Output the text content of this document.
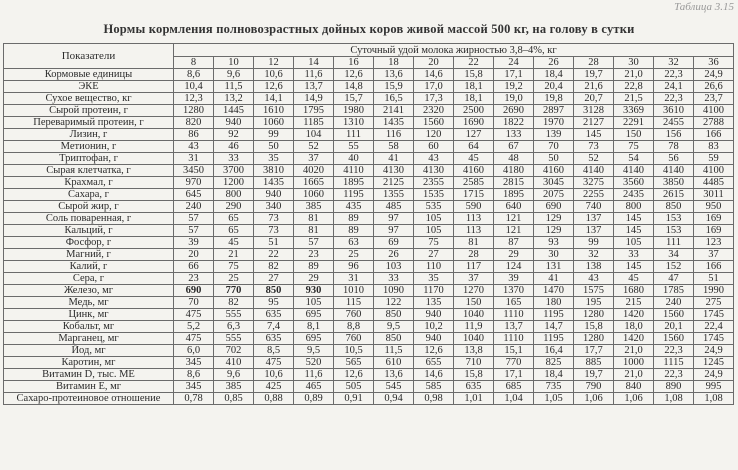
Таблица 3.15
Нормы кормления полновозрастных дойных коров живой массой 500 кг, на голову в сутки
Показатели	Суточный удой молока жирностью 3,8–4%, кг													
	8	10	12	14	16	18	20	22	24	26	28	30	32	36
Кормовые единицы	8,6	9,6	10,6	11,6	12,6	13,6	14,6	15,8	17,1	18,4	19,7	21,0	22,3	24,9
ЭКЕ	10,4	11,5	12,6	13,7	14,8	15,9	17,0	18,1	19,2	20,4	21,6	22,8	24,1	26,6
Сухое вещество, кг	12,3	13,2	14,1	14,9	15,7	16,5	17,3	18,1	19,0	19,8	20,7	21,5	22,3	23,7
Сырой протеин, г	1280	1445	1610	1795	1980	2141	2320	2500	2690	2897	3128	3369	3610	4100
Переваримый протеин, г	820	940	1060	1185	1310	1435	1560	1690	1822	1970	2127	2291	2455	2788
Лизин, г	86	92	99	104	111	116	120	127	133	139	145	150	156	166
Метионин, г	43	46	50	52	55	58	60	64	67	70	73	75	78	83
Триптофан, г	31	33	35	37	40	41	43	45	48	50	52	54	56	59
Сырая клетчатка, г	3450	3700	3810	4020	4110	4130	4130	4160	4180	4160	4140	4140	4140	4100
Крахмал, г	970	1200	1435	1665	1895	2125	2355	2585	2815	3045	3275	3560	3850	4485
Сахара, г	645	800	940	1060	1195	1355	1535	1715	1895	2075	2255	2435	2615	3011
Сырой жир, г	240	290	340	385	435	485	535	590	640	690	740	800	850	950
Соль поваренная, г	57	65	73	81	89	97	105	113	121	129	137	145	153	169
Кальций, г	57	65	73	81	89	97	105	113	121	129	137	145	153	169
Фосфор, г	39	45	51	57	63	69	75	81	87	93	99	105	111	123
Магний, г	20	21	22	23	25	26	27	28	29	30	32	33	34	37
Калий, г	66	75	82	89	96	103	110	117	124	131	138	145	152	166
Сера, г	23	25	27	29	31	33	35	37	39	41	43	45	47	51
Железо, мг	690	770	850	930	1010	1090	1170	1270	1370	1470	1575	1680	1785	1990
Медь, мг	70	82	95	105	115	122	135	150	165	180	195	215	240	275
Цинк, мг	475	555	635	695	760	850	940	1040	1110	1195	1280	1420	1560	1745
Кобальт, мг	5,2	6,3	7,4	8,1	8,8	9,5	10,2	11,9	13,7	14,7	15,8	18,0	20,1	22,4
Марганец, мг	475	555	635	695	760	850	940	1040	1110	1195	1280	1420	1560	1745
Йод, мг	6,0	702	8,5	9,5	10,5	11,5	12,6	13,8	15,1	16,4	17,7	21,0	22,3	24,9
Каротин, мг	345	410	475	520	565	610	655	710	770	825	885	1000	1115	1245
Витамин D, тыс. МЕ	8,6	9,6	10,6	11,6	12,6	13,6	14,6	15,8	17,1	18,4	19,7	21,0	22,3	24,9
Витамин Е, мг	345	385	425	465	505	545	585	635	685	735	790	840	890	995
Сахаро-протеиновое отношение	0,78	0,85	0,88	0,89	0,91	0,94	0,98	1,01	1,04	1,05	1,06	1,06	1,08	1,08
